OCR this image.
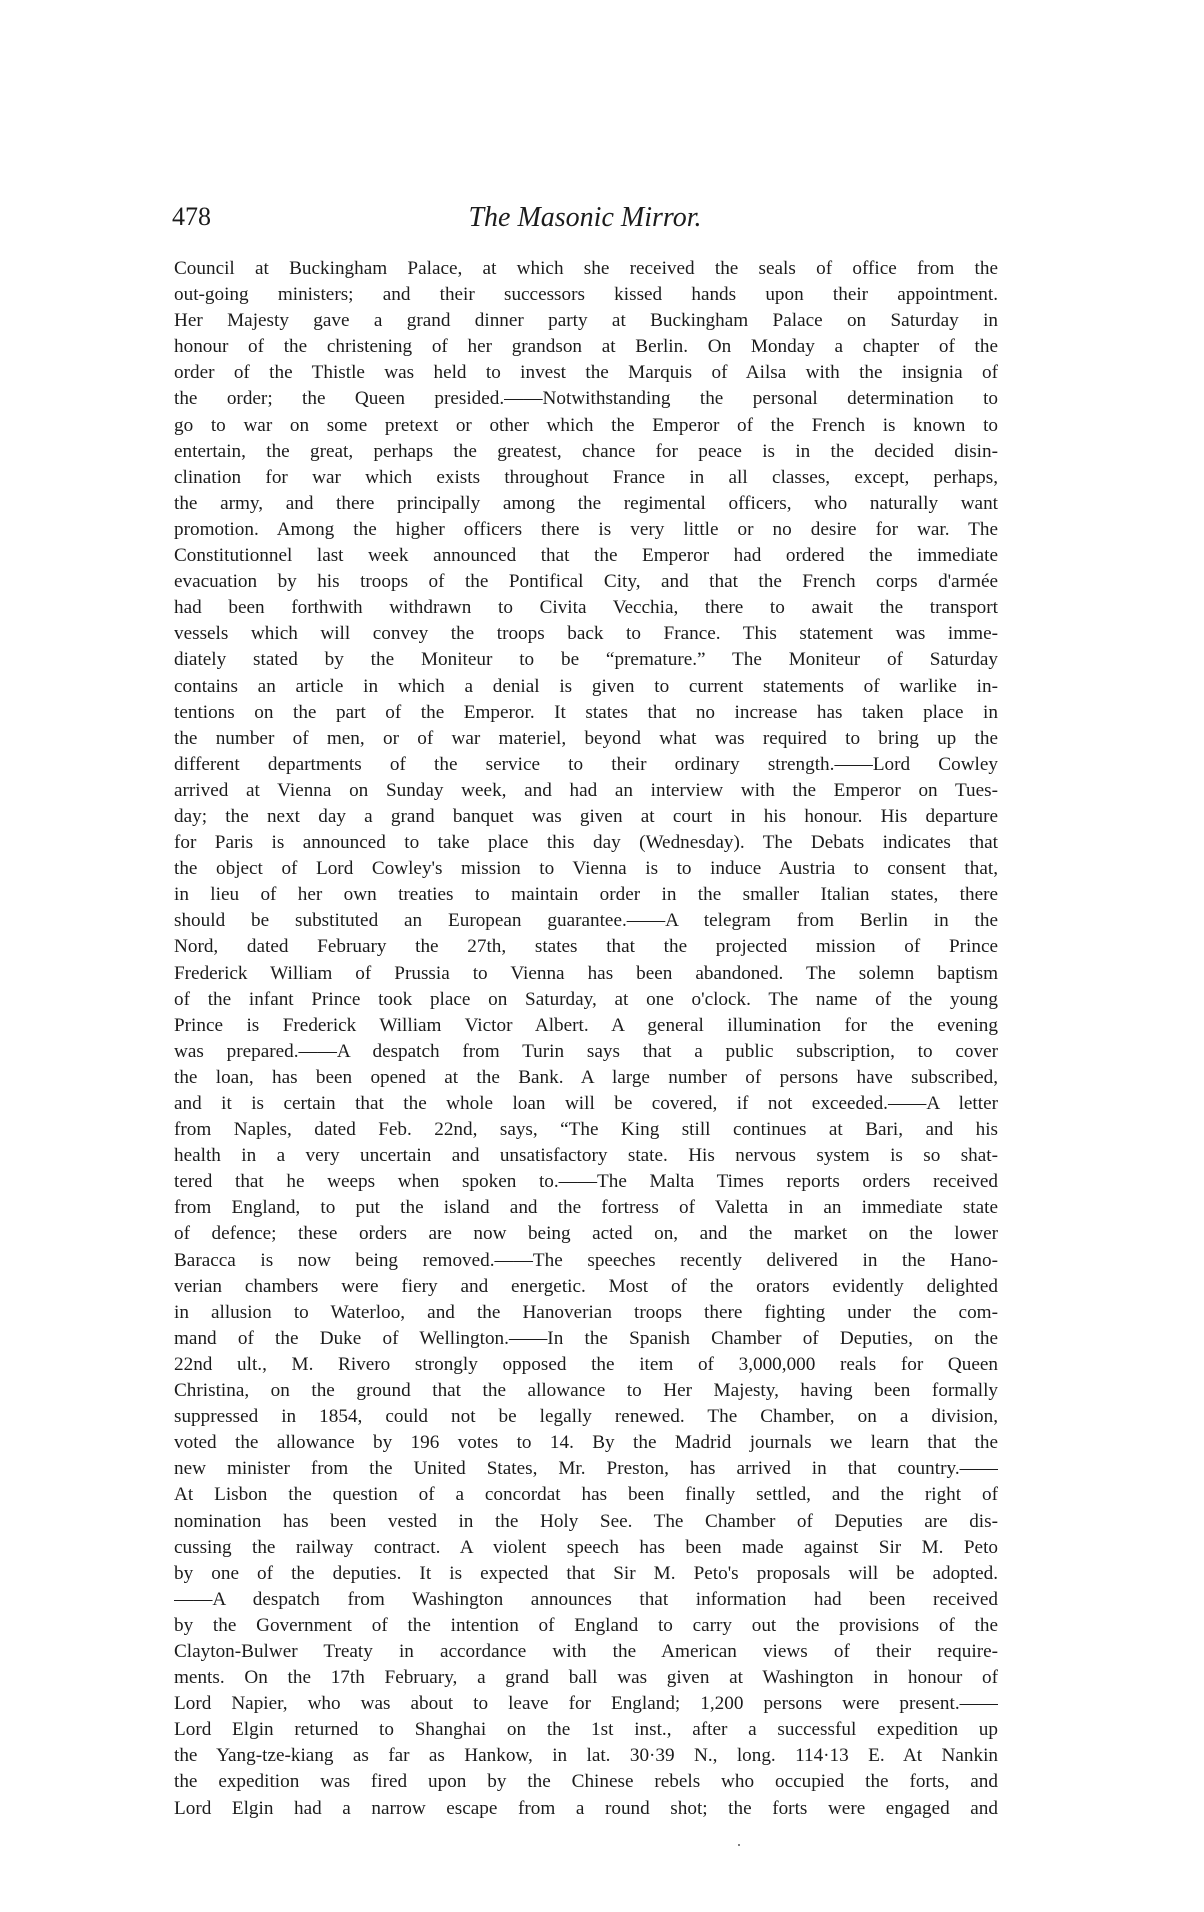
478	The Masonic Mirror.
Council at Buckingham Palace, at which she received the seals of office from the
out-going ministers; and their successors kissed hands upon their appointment.
Her Majesty gave a grand dinner party at Buckingham Palace on Saturday in
honour of the christening of her grandson at Berlin. On Monday a chapter of the
order of the Thistle was held to invest the Marquis of Ailsa with the insignia of
the order; the Queen presided.——Notwithstanding the personal determination to
go to war on some pretext or other which the Emperor of the French is known to
entertain, the great, perhaps the greatest, chance for peace is in the decided disin-
clination for war which exists throughout France in all classes, except, perhaps,
the army, and there principally among the regimental officers, who naturally want
promotion. Among the higher officers there is very little or no desire for war. The
Constitutionnel last week announced that the Emperor had ordered the immediate
evacuation by his troops of the Pontifical City, and that the French corps d'armée
had been forthwith withdrawn to Civita Vecchia, there to await the transport
vessels which will convey the troops back to France. This statement was imme-
diately stated by the Moniteur to be “premature.” The Moniteur of Saturday
contains an article in which a denial is given to current statements of warlike in-
tentions on the part of the Emperor. It states that no increase has taken place in
the number of men, or of war materiel, beyond what was required to bring up the
different departments of the service to their ordinary strength.——Lord Cowley
arrived at Vienna on Sunday week, and had an interview with the Emperor on Tues-
day; the next day a grand banquet was given at court in his honour. His departure
for Paris is announced to take place this day (Wednesday). The Debats indicates that
the object of Lord Cowley's mission to Vienna is to induce Austria to consent that,
in lieu of her own treaties to maintain order in the smaller Italian states, there
should be substituted an European guarantee.——A telegram from Berlin in the
Nord, dated February the 27th, states that the projected mission of Prince
Frederick William of Prussia to Vienna has been abandoned. The solemn baptism
of the infant Prince took place on Saturday, at one o'clock. The name of the young
Prince is Frederick William Victor Albert. A general illumination for the evening
was prepared.——A despatch from Turin says that a public subscription, to cover
the loan, has been opened at the Bank. A large number of persons have subscribed,
and it is certain that the whole loan will be covered, if not exceeded.——A letter
from Naples, dated Feb. 22nd, says, “The King still continues at Bari, and his
health in a very uncertain and unsatisfactory state. His nervous system is so shat-
tered that he weeps when spoken to.——The Malta Times reports orders received
from England, to put the island and the fortress of Valetta in an immediate state
of defence; these orders are now being acted on, and the market on the lower
Baracca is now being removed.——The speeches recently delivered in the Hano-
verian chambers were fiery and energetic. Most of the orators evidently delighted
in allusion to Waterloo, and the Hanoverian troops there fighting under the com-
mand of the Duke of Wellington.——In the Spanish Chamber of Deputies, on the
22nd ult., M. Rivero strongly opposed the item of 3,000,000 reals for Queen
Christina, on the ground that the allowance to Her Majesty, having been formally
suppressed in 1854, could not be legally renewed. The Chamber, on a division,
voted the allowance by 196 votes to 14. By the Madrid journals we learn that the
new minister from the United States, Mr. Preston, has arrived in that country.——
At Lisbon the question of a concordat has been finally settled, and the right of
nomination has been vested in the Holy See. The Chamber of Deputies are dis-
cussing the railway contract. A violent speech has been made against Sir M. Peto
by one of the deputies. It is expected that Sir M. Peto's proposals will be adopted.
——A despatch from Washington announces that information had been received
by the Government of the intention of England to carry out the provisions of the
Clayton-Bulwer Treaty in accordance with the American views of their require-
ments. On the 17th February, a grand ball was given at Washington in honour of
Lord Napier, who was about to leave for England; 1,200 persons were present.——
Lord Elgin returned to Shanghai on the 1st inst., after a successful expedition up
the Yang-tze-kiang as far as Hankow, in lat. 30·39 N., long. 114·13 E. At Nankin
the expedition was fired upon by the Chinese rebels who occupied the forts, and
Lord Elgin had a narrow escape from a round shot; the forts were engaged and
